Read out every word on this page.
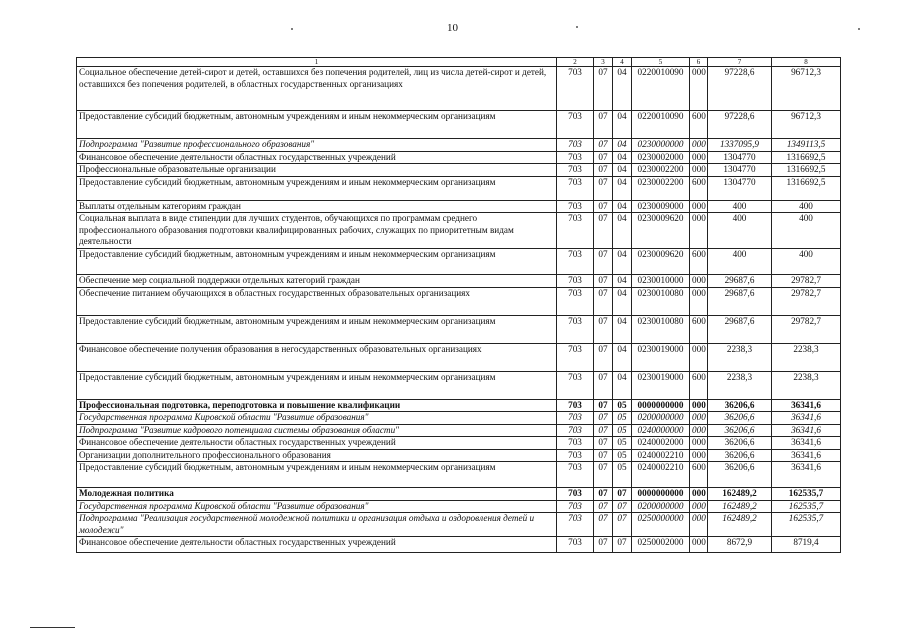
10
1	2	3	4	5	6	7	8
Социальное обеспечение детей-сирот и детей, оставшихся без попечения родителей, лиц из числа детей-сирот и детей, оставшихся без попечения родителей, в областных государственных организациях	703	07	04	0220010090	000	97228,6	96712,3
Предоставление субсидий бюджетным, автономным учреждениям и иным некоммерческим организациям	703	07	04	0220010090	600	97228,6	96712,3
Подпрограмма "Развитие профессионального образования"	703	07	04	0230000000	000	1337095,9	1349113,5
Финансовое обеспечение деятельности областных государственных учреждений	703	07	04	0230002000	000	1304770	1316692,5
Профессиональные образовательные организации	703	07	04	0230002200	000	1304770	1316692,5
Предоставление субсидий бюджетным, автономным учреждениям и иным некоммерческим организациям	703	07	04	0230002200	600	1304770	1316692,5
Выплаты отдельным категориям граждан	703	07	04	0230009000	000	400	400
Социальная выплата в виде стипендии для лучших студентов, обучающихся по программам среднего профессионального образования подготовки квалифицированных рабочих, служащих по приоритетным видам деятельности	703	07	04	0230009620	000	400	400
Предоставление субсидий бюджетным, автономным учреждениям и иным некоммерческим организациям	703	07	04	0230009620	600	400	400
Обеспечение мер социальной поддержки отдельных категорий граждан	703	07	04	0230010000	000	29687,6	29782,7
Обеспечение питанием обучающихся в областных государственных образовательных организациях	703	07	04	0230010080	000	29687,6	29782,7
Предоставление субсидий бюджетным, автономным учреждениям и иным некоммерческим организациям	703	07	04	0230010080	600	29687,6	29782,7
Финансовое обеспечение получения образования в негосударственных образовательных организациях	703	07	04	0230019000	000	2238,3	2238,3
Предоставление субсидий бюджетным, автономным учреждениям и иным некоммерческим организациям	703	07	04	0230019000	600	2238,3	2238,3
Профессиональная подготовка, переподготовка и повышение квалификации	703	07	05	0000000000	000	36206,6	36341,6
Государственная программа Кировской области "Развитие образования"	703	07	05	0200000000	000	36206,6	36341,6
Подпрограмма "Развитие кадрового потенциала системы образования области"	703	07	05	0240000000	000	36206,6	36341,6
Финансовое обеспечение деятельности областных государственных учреждений	703	07	05	0240002000	000	36206,6	36341,6
Организации дополнительного профессионального образования	703	07	05	0240002210	000	36206,6	36341,6
Предоставление субсидий бюджетным, автономным учреждениям и иным некоммерческим организациям	703	07	05	0240002210	600	36206,6	36341,6
Молодежная политика	703	07	07	0000000000	000	162489,2	162535,7
Государственная программа Кировской области "Развитие образования"	703	07	07	0200000000	000	162489,2	162535,7
Подпрограмма "Реализация государственной молодежной политики и организация отдыха и оздоровления детей и молодежи"	703	07	07	0250000000	000	162489,2	162535,7
Финансовое обеспечение деятельности областных государственных учреждений	703	07	07	0250002000	000	8672,9	8719,4
